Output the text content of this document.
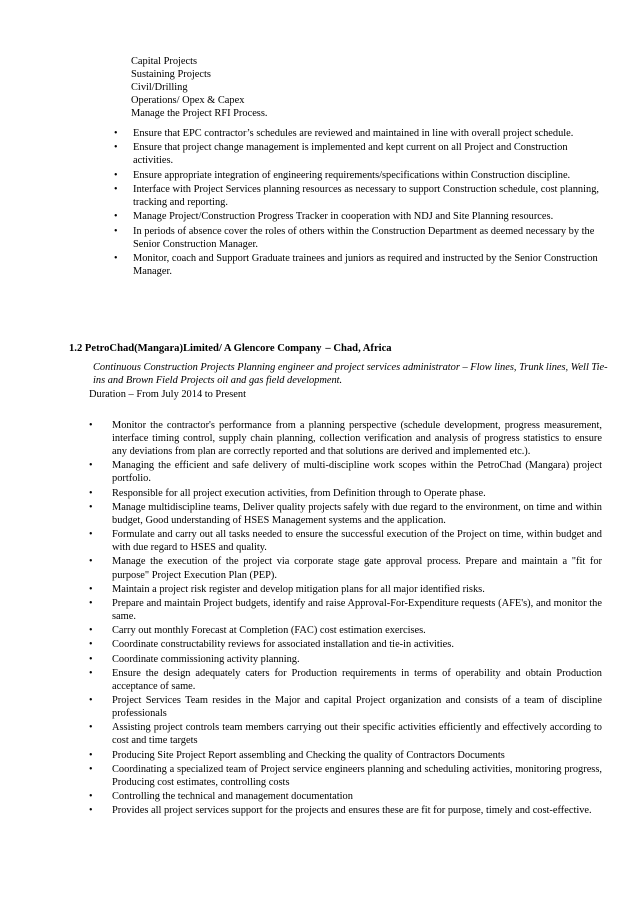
Capital Projects
Sustaining Projects
Civil/Drilling
Operations/ Opex & Capex
Manage the Project RFI Process.
• Ensure that EPC contractor’s schedules are reviewed and maintained in line with overall project schedule.
• Ensure that project change management is implemented and kept current on all Project and Construction activities.
• Ensure appropriate integration of engineering requirements/specifications within Construction discipline.
• Interface with Project Services planning resources as necessary to support Construction schedule, cost planning, tracking and reporting.
• Manage Project/Construction Progress Tracker in cooperation with NDJ and Site Planning resources.
• In periods of absence cover the roles of others within the Construction Department as deemed necessary by the Senior Construction Manager.
• Monitor, coach and Support Graduate trainees and juniors as required and instructed by the Senior Construction Manager.
1.2 PetroChad(Mangara)Limited/ A Glencore Company – Chad, Africa
Continuous Construction Projects Planning engineer and project services administrator – Flow lines, Trunk lines, Well Tie-ins and Brown Field Projects oil and gas field development.
Duration – From July 2014 to Present
• Monitor the contractor's performance from a planning perspective (schedule development, progress measurement, interface timing control, supply chain planning, collection verification and analysis of progress statistics to ensure any deviations from plan are correctly reported and that solutions are derived and implemented etc.).
• Managing the efficient and safe delivery of multi-discipline work scopes within the PetroChad (Mangara) project portfolio.
• Responsible for all project execution activities, from Definition through to Operate phase.
• Manage multidiscipline teams, Deliver quality projects safely with due regard to the environment, on time and within budget, Good understanding of HSES Management systems and the application.
• Formulate and carry out all tasks needed to ensure the successful execution of the Project on time, within budget and with due regard to HSES and quality.
• Manage the execution of the project via corporate stage gate approval process. Prepare and maintain a "fit for purpose" Project Execution Plan (PEP).
• Maintain a project risk register and develop mitigation plans for all major identified risks.
• Prepare and maintain Project budgets, identify and raise Approval-For-Expenditure requests (AFE's), and monitor the same.
• Carry out monthly Forecast at Completion (FAC) cost estimation exercises.
• Coordinate constructability reviews for associated installation and tie-in activities.
• Coordinate commissioning activity planning.
• Ensure the design adequately caters for Production requirements in terms of operability and obtain Production acceptance of same.
• Project Services Team resides in the Major and capital Project organization and consists of a team of discipline professionals
• Assisting project controls team members carrying out their specific activities efficiently and effectively according to cost and time targets
• Producing Site Project Report assembling and Checking the quality of Contractors Documents
• Coordinating a specialized team of Project service engineers planning and scheduling activities, monitoring progress, Producing cost estimates, controlling costs
• Controlling the technical and management documentation
• Provides all project services support for the projects and ensures these are fit for purpose, timely and cost-effective.
